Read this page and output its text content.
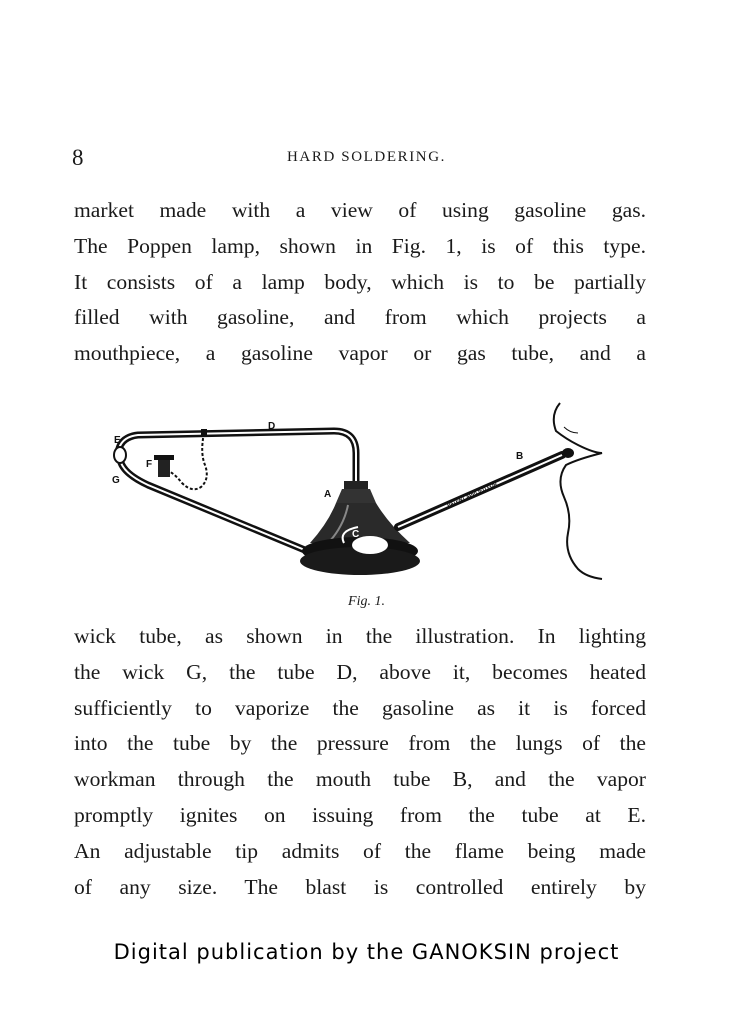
8	HARD SOLDERING.
market made with a view of using gasoline gas.
The Poppen lamp, shown in Fig. 1, is of this type.
It consists of a lamp body, which is to be partially
filled with gasoline, and from which projects a
mouthpiece, a gasoline vapor or gas tube, and a
PATENT APPLIED FOR
D
E
F
G
A
B
C
Fig. 1.
wick tube, as shown in the illustration. In lighting
the wick G, the tube D, above it, becomes heated
sufficiently to vaporize the gasoline as it is forced
into the tube by the pressure from the lungs of the
workman through the mouth tube B, and the vapor
promptly ignites on issuing from the tube at E.
An adjustable tip admits of the flame being made
of any size. The blast is controlled entirely by
Digital publication by the GANOKSIN project
